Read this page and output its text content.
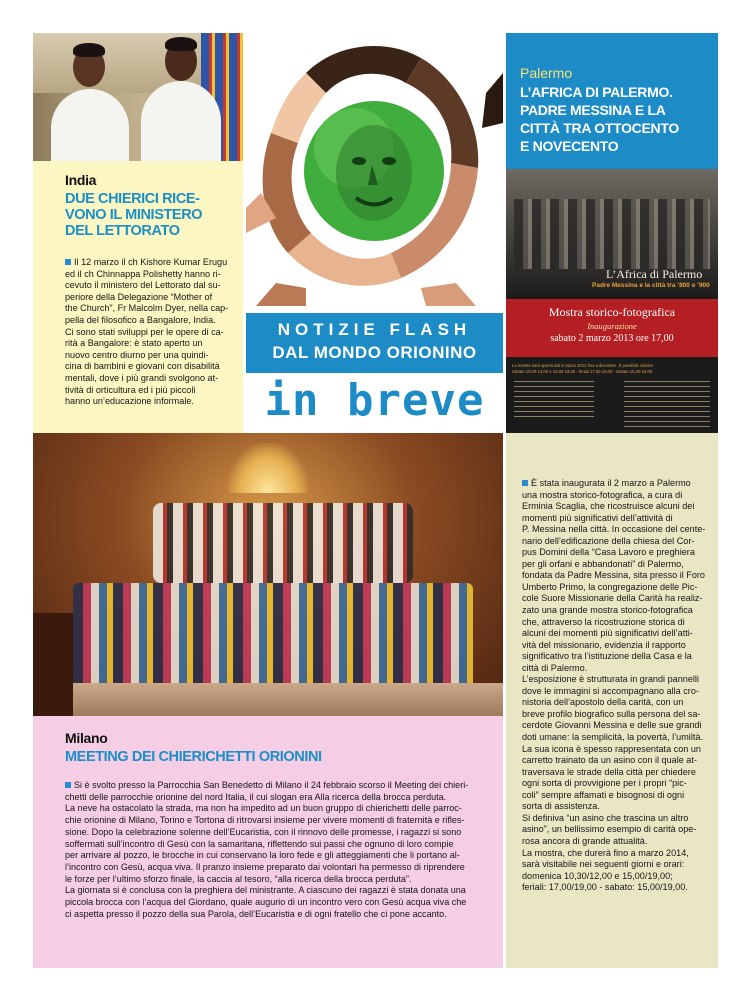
India
DUE CHIERICI RICE-
VONO IL MINISTERO
DEL LETTORATO
Il 12 marzo il ch Kishore Kumar Erugu
ed il ch Chinnappa Polishetty hanno ri-
cevuto il ministero del Lettorato dal su-
periore della Delegazione “Mother of
the Church”, Fr Malcolm Dyer, nella cap-
pella del filosofico a Bangalore, India.
Ci sono stati sviluppi per le opere di ca-
rità a Bangalore: è stato aperto un
nuovo centro diurno per una quindi-
cina di bambini e giovani con disabilità
mentali, dove i più grandi svolgono at-
tività di orticultura ed i più piccoli
hanno un’educazione informale.
NOTIZIE FLASH
DAL MONDO ORIONINO
in breve
Palermo
L’AFRICA DI PALERMO.
PADRE MESSINA E LA
CITTÀ TRA OTTOCENTO
E NOVECENTO
L’Africa di Palermo
Padre Messina e la città tra ’800 e ’900
Mostra storico-fotografica
Inaugurazione
sabato 2 marzo 2013 ore 17,00
La mostra sarà aperta dal 3 marzo 2013 fino a dicembre. È possibile visitare
sabato 10,00-12,00 e 15,00-19,00 - feriali 17,00-19,00 - sabato 15,00-19,00
È stata inaugurata il 2 marzo a Palermo
una mostra storico-fotografica, a cura di
Erminia Scaglia, che ricostruisce alcuni dei
momenti più significativi dell’attività di
P. Messina nella città. In occasione del cente-
nario dell’edificazione della chiesa del Cor-
pus Domini della “Casa Lavoro e preghiera
per gli orfani e abbandonati” di Palermo,
fondata da Padre Messina, sita presso il Foro
Umberto Primo, la congregazione delle Pic-
cole Suore Missionarie della Carità ha realiz-
zato una grande mostra storico-fotografica
che, attraverso la ricostruzione storica di
alcuni dei momenti più significativi dell’atti-
vità del missionario, evidenzia il rapporto
significativo tra l’istituzione della Casa e la
città di Palermo.
L’esposizione è strutturata in grandi pannelli
dove le immagini si accompagnano alla cro-
nistoria dell’apostolo della carità, con un
breve profilo biografico sulla persona del sa-
cerdote Giovanni Messina e delle sue grandi
doti umane: la semplicità, la povertà, l’umiltà.
La sua icona è spesso rappresentata con un
carretto trainato da un asino con il quale at-
traversava le strade della città per chiedere
ogni sorta di provvigione per i propri “pic-
coli” sempre affamati e bisognosi di ogni
sorta di assistenza.
Si definiva “un asino che trascina un altro
asino”, un bellissimo esempio di carità ope-
rosa ancora di grande attualità.
La mostra, che durerà fino a marzo 2014,
sarà visitabile nei seguenti giorni e orari:
domenica 10,30/12,00 e 15,00/19,00;
feriali: 17,00/19,00 - sabato: 15,00/19,00.
Milano
MEETING DEI CHIERICHETTI ORIONINI
Si è svolto presso la Parrocchia San Benedetto di Milano il 24 febbraio scorso il Meeting dei chieri-
chetti delle parrocchie orionine del nord Italia, il cui slogan era Alla ricerca della brocca perduta.
La neve ha ostacolato la strada, ma non ha impedito ad un buon gruppo di chierichetti delle parroc-
chie orionine di Milano, Torino e Tortona di ritrovarsi insieme per vivere momenti di fraternità e rifles-
sione. Dopo la celebrazione solenne dell’Eucaristia, con il rinnovo delle promesse, i ragazzi si sono
soffermati sull’incontro di Gesù con la samaritana, riflettendo sui passi che ognuno di loro compie
per arrivare al pozzo, le brocche in cui conservano la loro fede e gli atteggiamenti che li portano al-
l’incontro con Gesù, acqua viva. Il pranzo insieme preparato dai volontari ha permesso di riprendere
le forze per l’ultimo sforzo finale, la caccia al tesoro, “alla ricerca della brocca perduta”.
La giornata si è conclusa con la preghiera del ministrante. A ciascuno dei ragazzi è stata donata una
piccola brocca con l’acqua del Giordano, quale augurio di un incontro vero con Gesù acqua viva che
ci aspetta presso il pozzo della sua Parola, dell’Eucaristia e di ogni fratello che ci pone accanto.
